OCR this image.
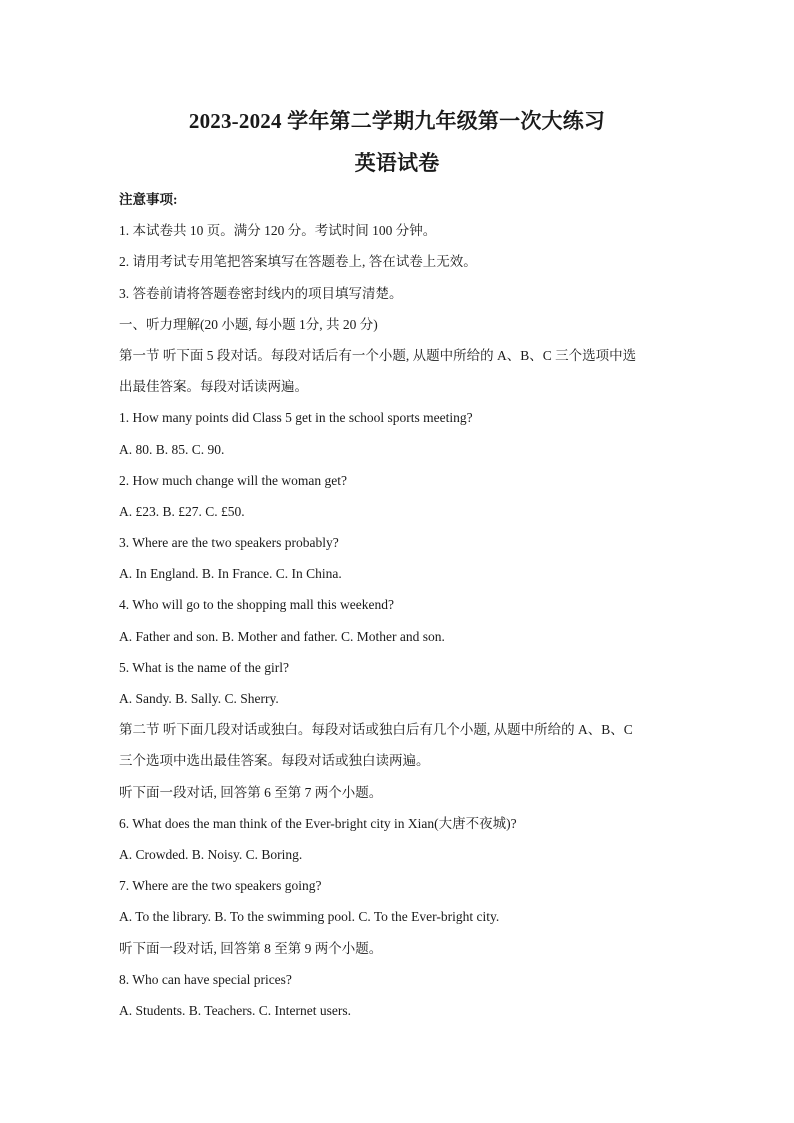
2023-2024 学年第二学期九年级第一次大练习
英语试卷
注意事项:
1. 本试卷共 10 页。满分 120 分。考试时间 100 分钟。
2. 请用考试专用笔把答案填写在答题卷上, 答在试卷上无效。
3. 答卷前请将答题卷密封线内的项目填写清楚。
一、听力理解(20 小题, 每小题 1分, 共 20 分)
第一节 听下面 5 段对话。每段对话后有一个小题, 从题中所给的 A、B、C 三个选项中选
出最佳答案。每段对话读两遍。
1. How many points did Class 5 get in the school sports meeting?
A. 80. B. 85. C. 90.
2. How much change will the woman get?
A. £23. B. £27. C. £50.
3. Where are the two speakers probably?
A. In England. B. In France. C. In China.
4. Who will go to the shopping mall this weekend?
A. Father and son. B. Mother and father. C. Mother and son.
5. What is the name of the girl?
A. Sandy. B. Sally. C. Sherry.
第二节 听下面几段对话或独白。每段对话或独白后有几个小题, 从题中所给的 A、B、C
三个选项中选出最佳答案。每段对话或独白读两遍。
听下面一段对话, 回答第 6 至第 7 两个小题。
6. What does the man think of the Ever-bright city in Xian(大唐不夜城)?
A. Crowded. B. Noisy. C. Boring.
7. Where are the two speakers going?
A. To the library. B. To the swimming pool. C. To the Ever-bright city.
听下面一段对话, 回答第 8 至第 9 两个小题。
8. Who can have special prices?
A. Students. B. Teachers. C. Internet users.
